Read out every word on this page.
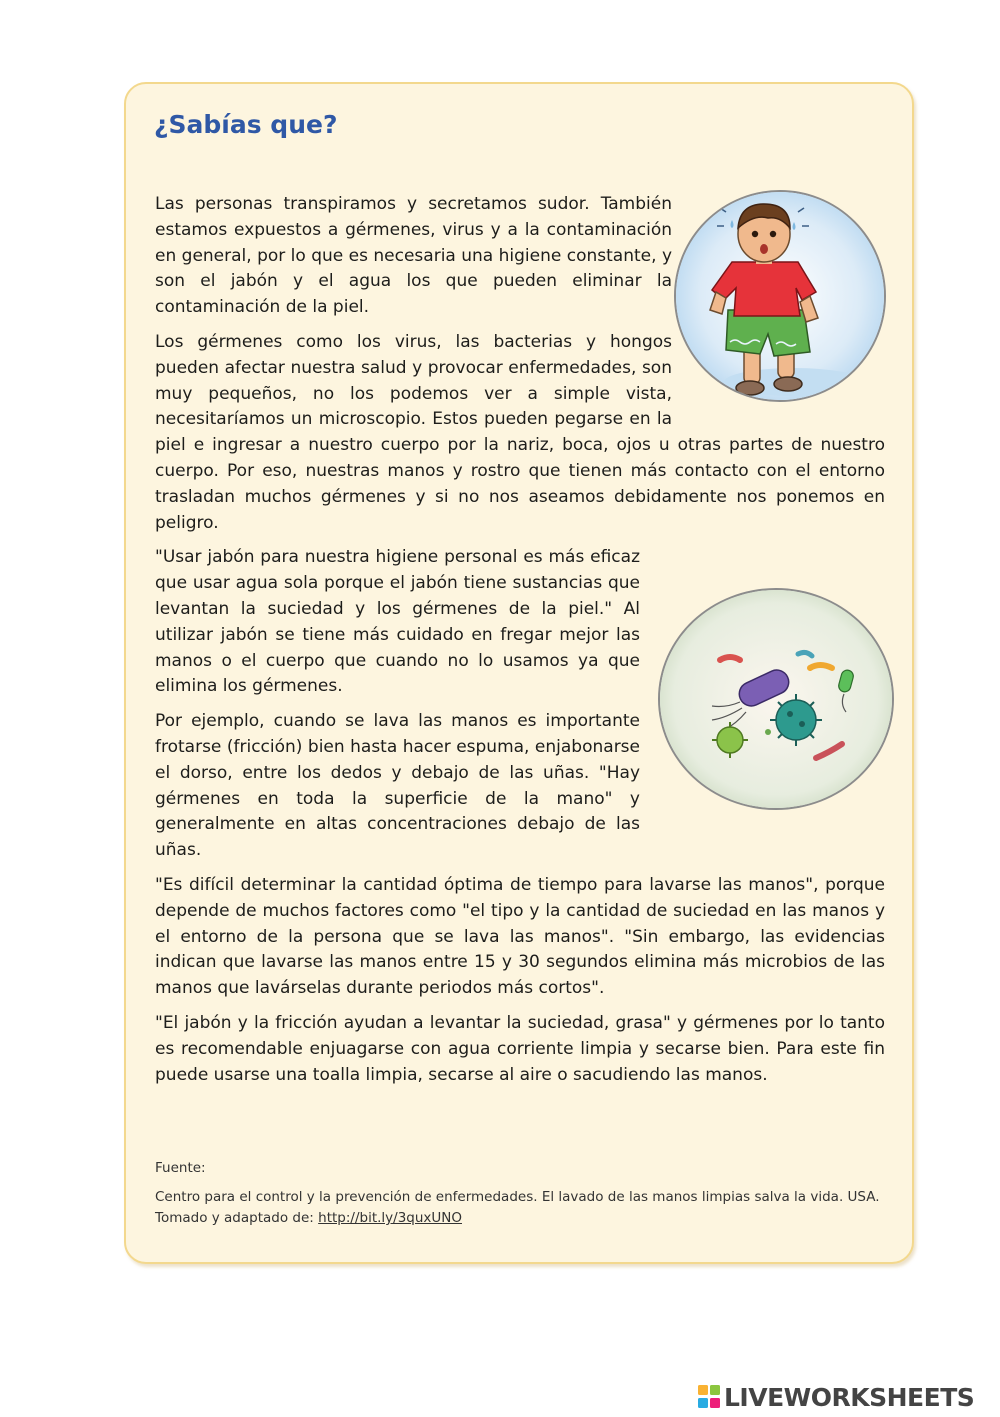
¿Sabías que?

Las personas transpiramos y secretamos sudor. También estamos expuestos a gérmenes, virus y a la contaminación en general, por lo que es necesaria una higiene constante, y son el jabón y el agua los que pueden eliminar la contaminación de la piel.

Los gérmenes como los virus, las bacterias y hongos pueden afectar nuestra salud y provocar enfermedades, son muy pequeños, no los podemos ver a simple vista, necesitaríamos un microscopio. Estos pueden pegarse en la piel e ingresar a nuestro cuerpo por la nariz, boca, ojos u otras partes de nuestro cuerpo. Por eso, nuestras manos y rostro que tienen más contacto con el entorno trasladan muchos gérmenes y si no nos aseamos debidamente nos ponemos en peligro.

"Usar jabón para nuestra higiene personal es más eficaz que usar agua sola porque el jabón tiene sustancias que levantan la suciedad y los gérmenes de la piel." Al utilizar jabón se tiene más cuidado en fregar mejor las manos o el cuerpo que cuando no lo usamos ya que elimina los gérmenes.

Por ejemplo, cuando se lava las manos es importante frotarse (fricción) bien hasta hacer espuma, enjabonarse el dorso, entre los dedos y debajo de las uñas. "Hay gérmenes en toda la superficie de la mano" y generalmente en altas concentraciones debajo de las uñas.

"Es difícil determinar la cantidad óptima de tiempo para lavarse las manos", porque depende de muchos factores como "el tipo y la cantidad de suciedad en las manos y el entorno de la persona que se lava las manos". "Sin embargo, las evidencias indican que lavarse las manos entre 15 y 30 segundos elimina más microbios de las manos que lavárselas durante periodos más cortos".

"El jabón y la fricción ayudan a levantar la suciedad, grasa" y gérmenes por lo tanto es recomendable enjuagarse con agua corriente limpia y secarse bien. Para este fin puede usarse una toalla limpia, secarse al aire o sacudiendo las manos.

Fuente:

Centro para el control y la prevención de enfermedades. El lavado de las manos limpias salva la vida. USA. Tomado y adaptado de: http://bit.ly/3quxUNO

LIVEWORKSHEETS
